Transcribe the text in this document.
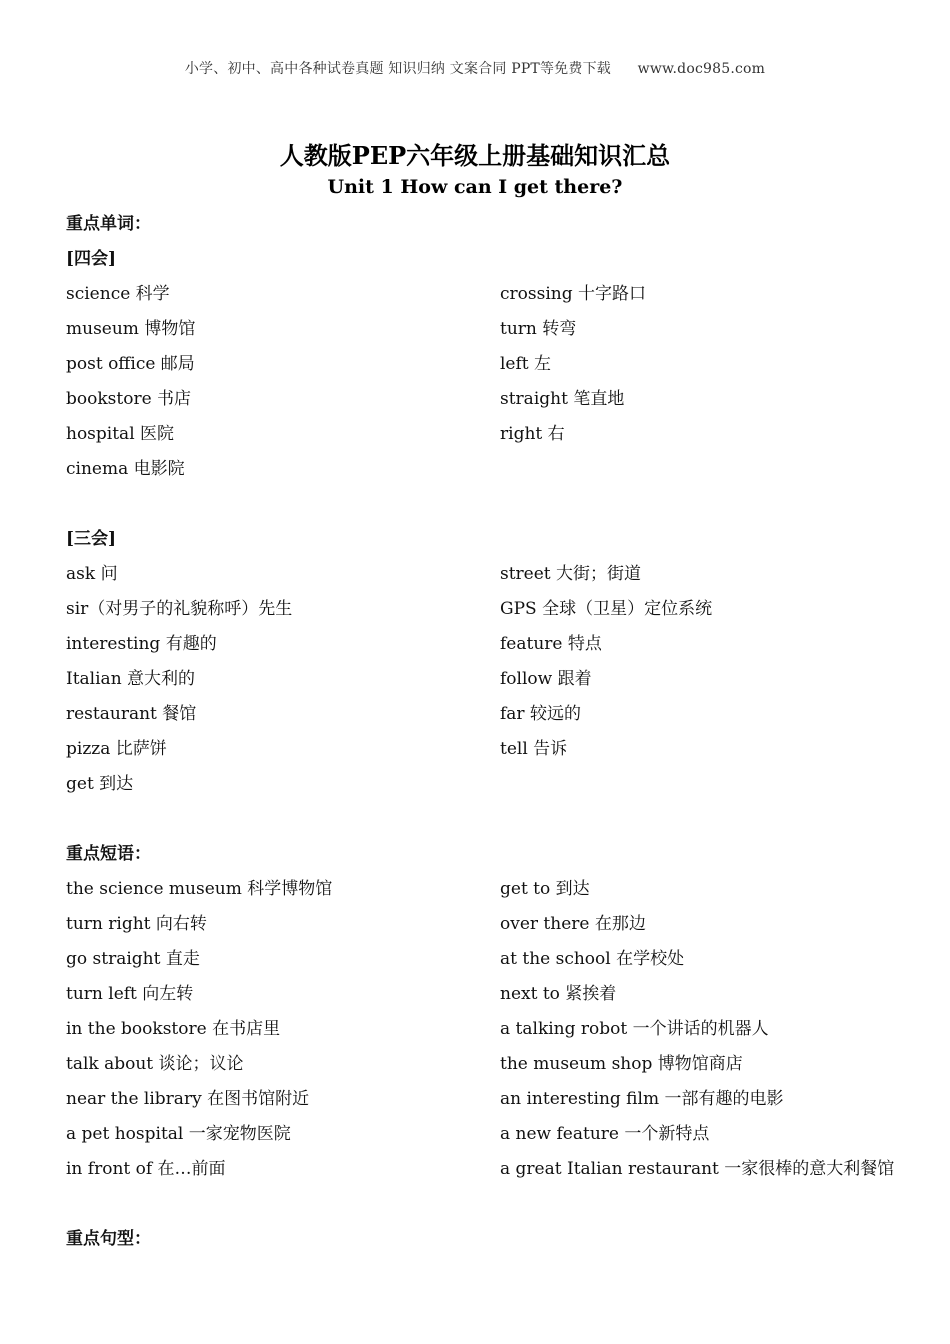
小学、初中、高中各种试卷真题 知识归纳 文案合同 PPT等免费下载 www.doc985.com
人教版PEP六年级上册基础知识汇总
Unit 1 How can I get there?
重点单词：
[四会]
science 科学	crossing 十字路口
museum 博物馆	turn 转弯
post office 邮局	left 左
bookstore 书店	straight 笔直地
hospital 医院	right 右
cinema 电影院
[三会]
ask 问	street 大街；街道
sir（对男子的礼貌称呼）先生	GPS 全球（卫星）定位系统
interesting 有趣的	feature 特点
Italian 意大利的	follow 跟着
restaurant 餐馆	far 较远的
pizza 比萨饼	tell 告诉
get 到达
重点短语：
the science museum 科学博物馆	get to 到达
turn right 向右转	over there 在那边
go straight 直走	at the school 在学校处
turn left 向左转	next to 紧挨着
in the bookstore 在书店里	a talking robot 一个讲话的机器人
talk about 谈论；议论	the museum shop 博物馆商店
near the library 在图书馆附近	an interesting film 一部有趣的电影
a pet hospital 一家宠物医院	a new feature 一个新特点
in front of 在…前面	a great Italian restaurant 一家很棒的意大利餐馆
重点句型：
